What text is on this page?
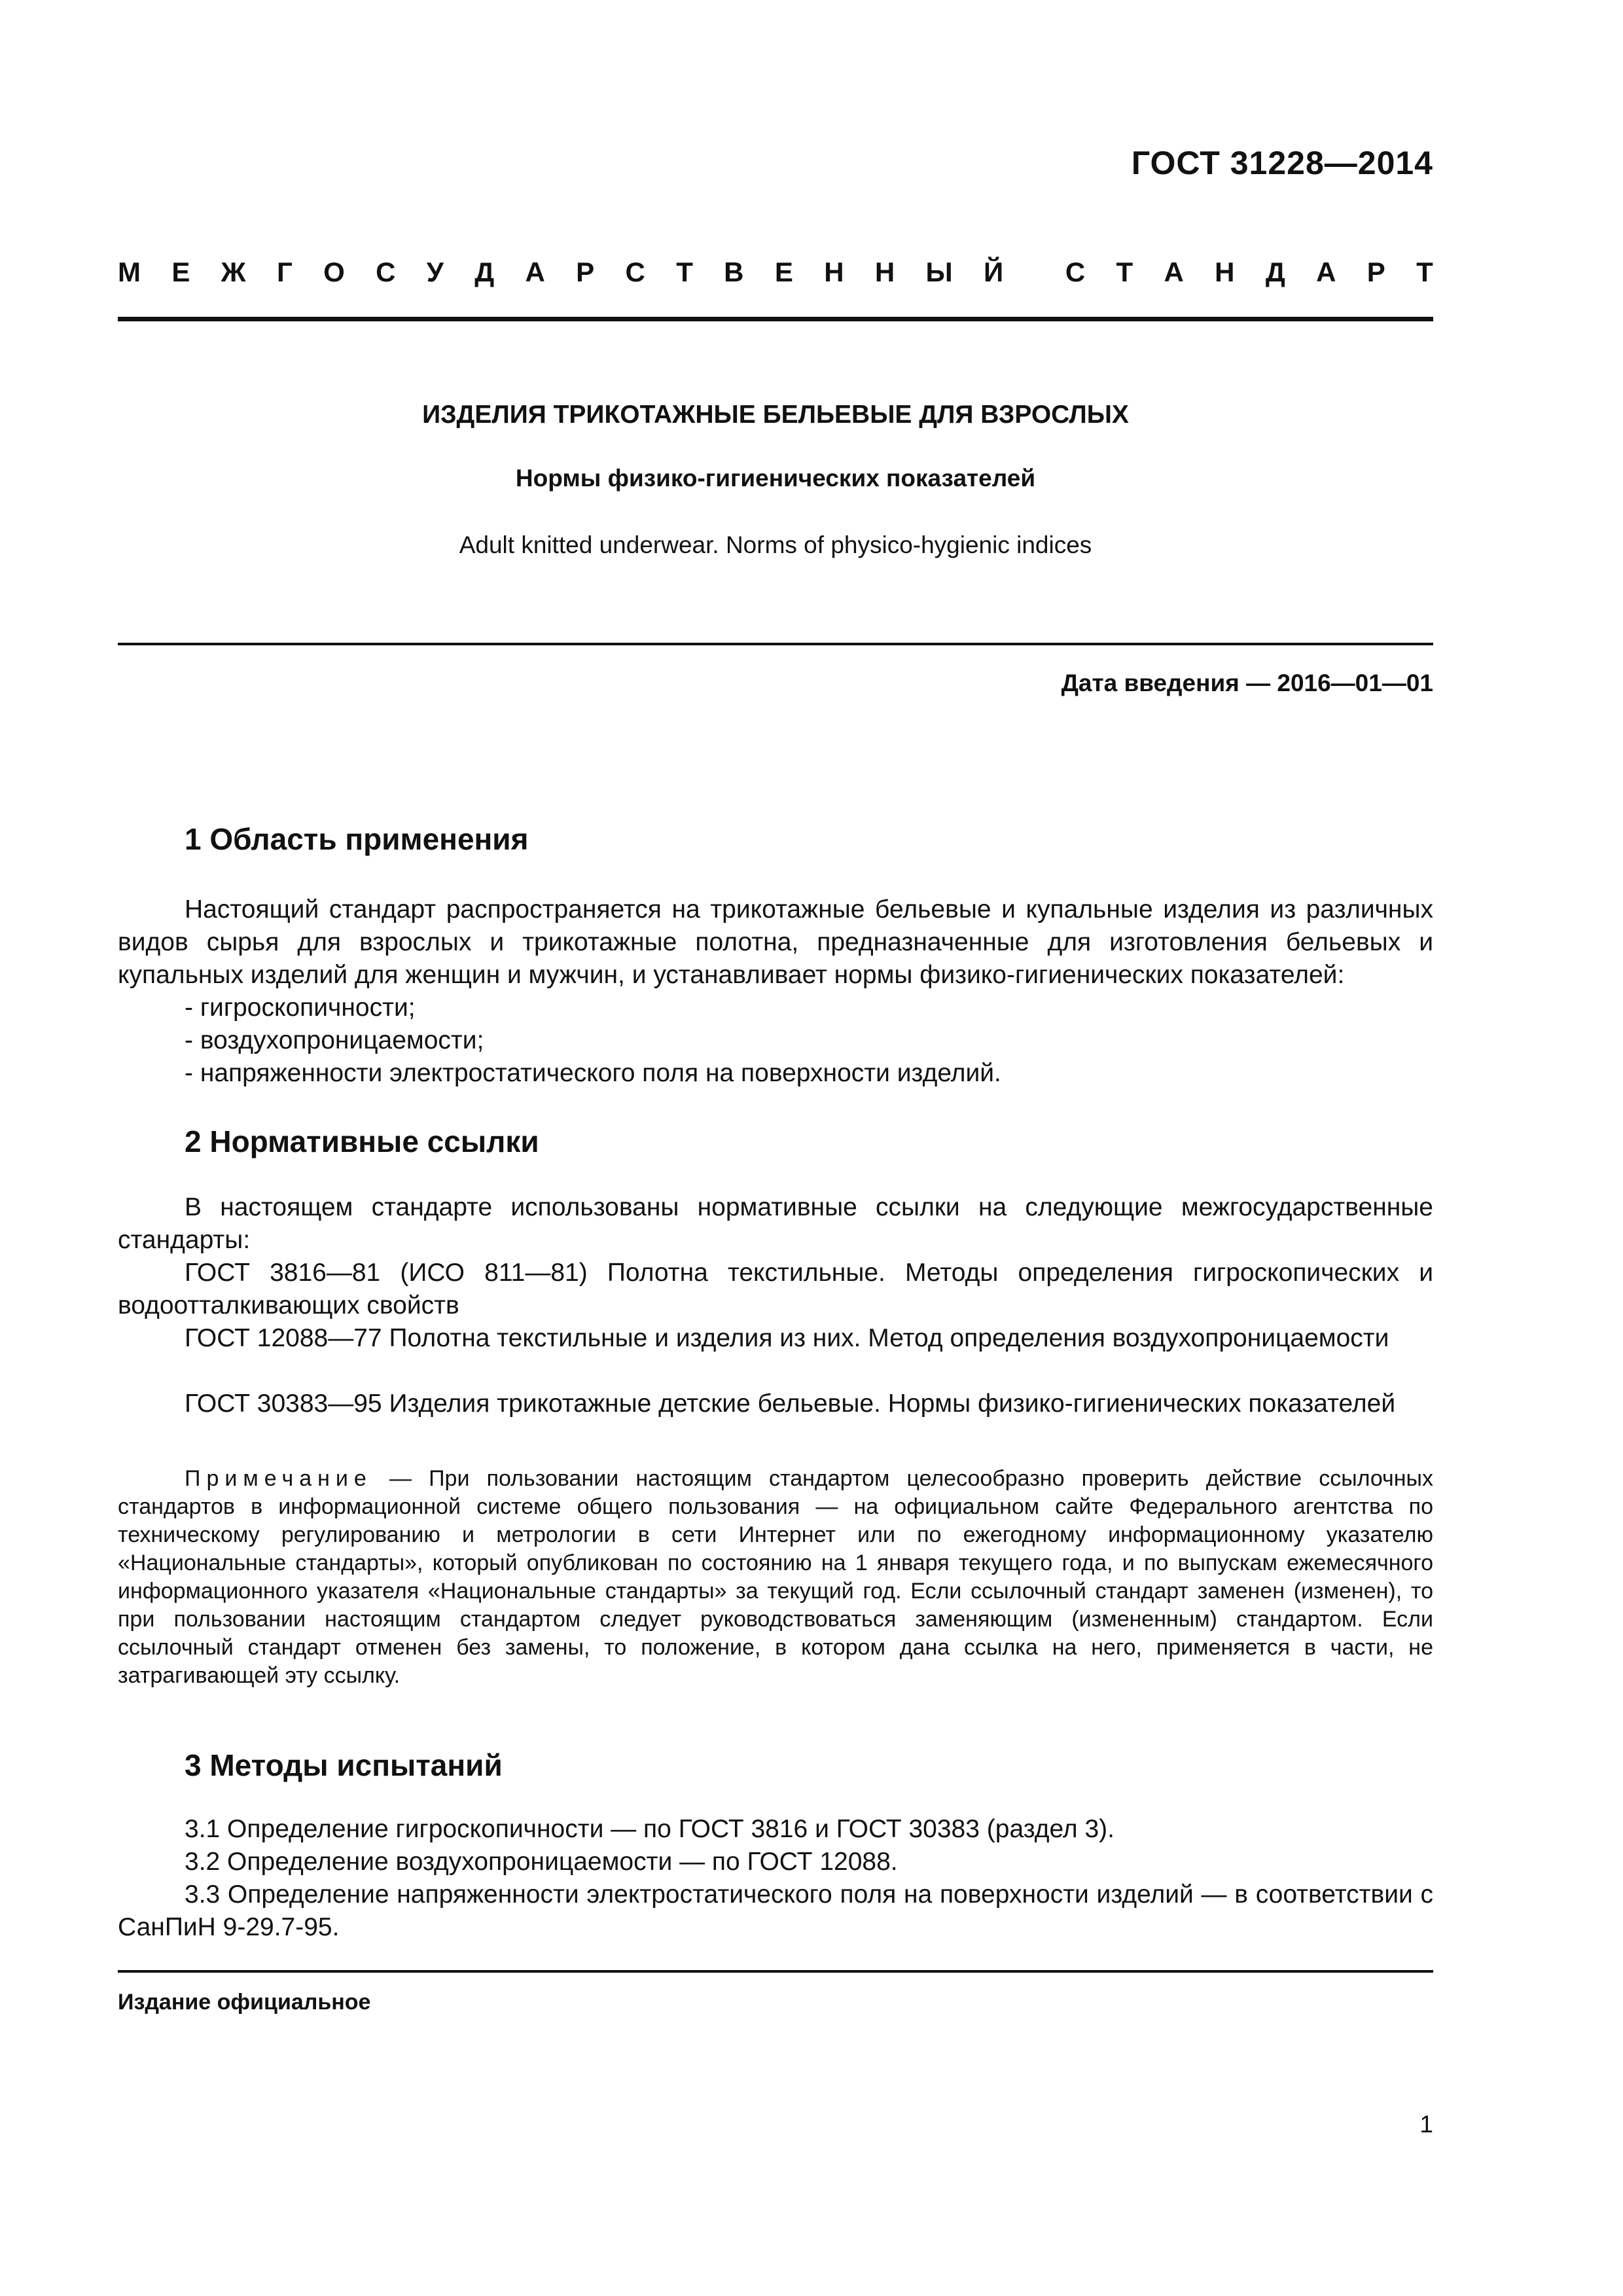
ГОСТ 31228—2014
М Е Ж Г О С У Д А Р С Т В Е Н Н Ы Й С Т А Н Д А Р Т
ИЗДЕЛИЯ ТРИКОТАЖНЫЕ БЕЛЬЕВЫЕ ДЛЯ ВЗРОСЛЫХ
Нормы физико-гигиенических показателей
Adult knitted underwear. Norms of physico-hygienic indices
Дата введения — 2016—01—01
1 Область применения

Настоящий стандарт распространяется на трикотажные бельевые и купальные изделия из различных видов сырья для взрослых и трикотажные полотна, предназначенные для изготовления бельевых и купальных изделий для женщин и мужчин, и устанавливает нормы физико-гигиенических показателей:

- гигроскопичности;
- воздухопроницаемости;
- напряженности электростатического поля на поверхности изделий.
2 Нормативные ссылки

В настоящем стандарте использованы нормативные ссылки на следующие межгосударственные стандарты:

ГОСТ 3816—81 (ИСО 811—81) Полотна текстильные. Методы определения гигроскопических и водоотталкивающих свойств

ГОСТ 12088—77 Полотна текстильные и изделия из них. Метод определения воздухопроницаемости

ГОСТ 30383—95 Изделия трикотажные детские бельевые. Нормы физико-гигиенических показателей

Примечание — При пользовании настоящим стандартом целесообразно проверить действие ссылочных стандартов в информационной системе общего пользования — на официальном сайте Федерального агентства по техническому регулированию и метрологии в сети Интернет или по ежегодному информационному указателю «Национальные стандарты», который опубликован по состоянию на 1 января текущего года, и по выпускам ежемесячного информационного указателя «Национальные стандарты» за текущий год. Если ссылочный стандарт заменен (изменен), то при пользовании настоящим стандартом следует руководствоваться заменяющим (измененным) стандартом. Если ссылочный стандарт отменен без замены, то положение, в котором дана ссылка на него, применяется в части, не затрагивающей эту ссылку.

3 Методы испытаний

3.1 Определение гигроскопичности — по ГОСТ 3816 и ГОСТ 30383 (раздел 3).

3.2 Определение воздухопроницаемости — по ГОСТ 12088.

3.3 Определение напряженности электростатического поля на поверхности изделий — в соответствии с СанПиН 9-29.7-95.

Издание официальное
1
